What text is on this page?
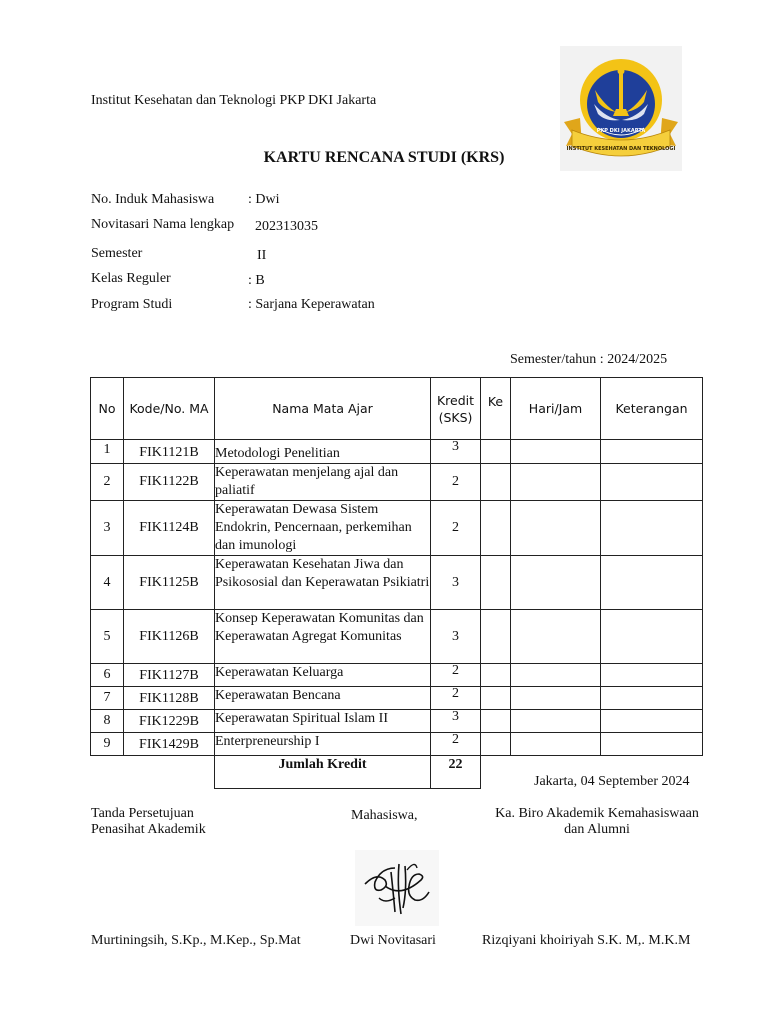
Institut Kesehatan dan Teknologi PKP DKI Jakarta
PKP DKI JAKARTA
INSTITUT KESEHATAN DAN TEKNOLOGI
KARTU RENCANA STUDI (KRS)
No. Induk Mahasiswa : Dwi
Novitasari Nama lengkap 202313035
Semester	II
Kelas Reguler	: B
Program Studi	: Sarjana Keperawatan
Semester/tahun : 2024/2025
No	Kode/No. MA	Nama Mata Ajar	Kredit (SKS)	Ke	Hari/Jam	Keterangan
1	FIK1121B	Metodologi Penelitian	3			
2	FIK1122B	Keperawatan menjelang ajal dan paliatif	2			
3	FIK1124B	Keperawatan Dewasa Sistem Endokrin, Pencernaan, perkemihan dan imunologi	2			
4	FIK1125B	Keperawatan Kesehatan Jiwa dan Psikososial dan Keperawatan Psikiatri	3			
5	FIK1126B	Konsep Keperawatan Komunitas dan Keperawatan Agregat Komunitas	3			
6	FIK1127B	Keperawatan Keluarga	2			
7	FIK1128B	Keperawatan Bencana	2			
8	FIK1229B	Keperawatan Spiritual Islam II	3			
9	FIK1429B	Enterpreneurship I	2			
		Jumlah Kredit	22			
Jakarta, 04 September 2024
Tanda Persetujuan
Penasihat Akademik
Mahasiswa,	Ka. Biro Akademik Kemahasiswaan
dan Alumni
Murtiningsih, S.Kp., M.Kep., Sp.Mat	Dwi Novitasari	Rizqiyani khoiriyah S.K. M,. M.K.M
